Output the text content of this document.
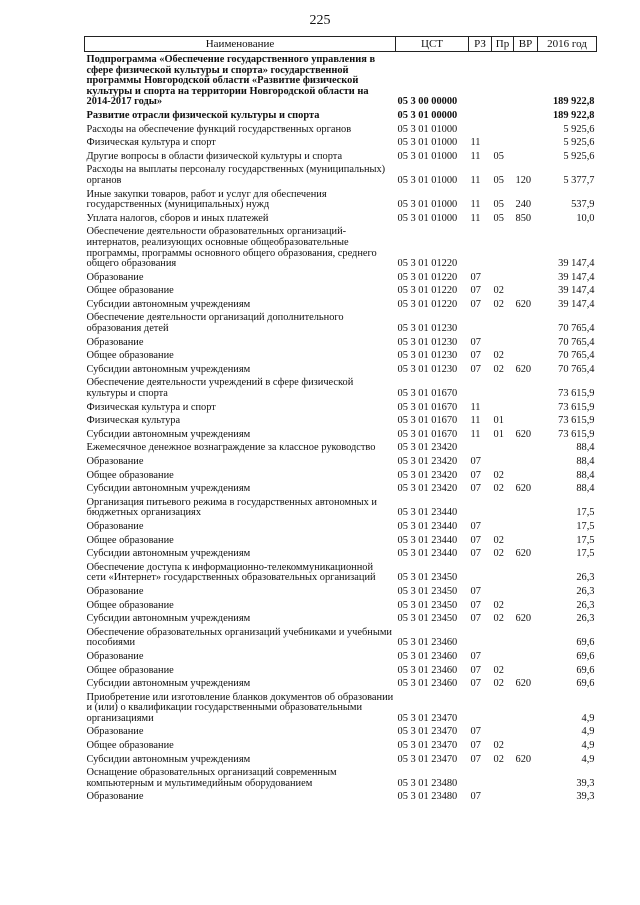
225
Наименование	ЦСТ	РЗ	Пр	ВР	2016 год
Подпрограмма «Обеспечение государственного управления в сфере физической культуры и спорта» государственной программы Новгородской области «Развитие физической культуры и спорта на территории Новгородской области на 2014-2017 годы»	05 3 00 00000				189 922,8
Развитие отрасли физической культуры и спорта	05 3 01 00000				189 922,8
Расходы на обеспечение функций государственных органов	05 3 01 01000				5 925,6
Физическая культура и спорт	05 3 01 01000	11			5 925,6
Другие вопросы в области физической культуры и спорта	05 3 01 01000	11	05		5 925,6
Расходы на выплаты персоналу государственных (муниципальных) органов	05 3 01 01000	11	05	120	5 377,7
Иные закупки товаров, работ и услуг для обеспечения государственных (муниципальных) нужд	05 3 01 01000	11	05	240	537,9
Уплата налогов, сборов и иных платежей	05 3 01 01000	11	05	850	10,0
Обеспечение деятельности образовательных организаций-интернатов, реализующих основные общеобразовательные программы, программы основного общего образования, среднего общего образования	05 3 01 01220				39 147,4
Образование	05 3 01 01220	07			39 147,4
Общее образование	05 3 01 01220	07	02		39 147,4
Субсидии автономным учреждениям	05 3 01 01220	07	02	620	39 147,4
Обеспечение деятельности организаций дополнительного образования детей	05 3 01 01230				70 765,4
Образование	05 3 01 01230	07			70 765,4
Общее образование	05 3 01 01230	07	02		70 765,4
Субсидии автономным учреждениям	05 3 01 01230	07	02	620	70 765,4
Обеспечение деятельности учреждений в сфере физической культуры и спорта	05 3 01 01670				73 615,9
Физическая культура и спорт	05 3 01 01670	11			73 615,9
Физическая культура	05 3 01 01670	11	01		73 615,9
Субсидии автономным учреждениям	05 3 01 01670	11	01	620	73 615,9
Ежемесячное денежное вознаграждение за классное руководство	05 3 01 23420				88,4
Образование	05 3 01 23420	07			88,4
Общее образование	05 3 01 23420	07	02		88,4
Субсидии автономным учреждениям	05 3 01 23420	07	02	620	88,4
Организация питьевого режима в государственных автономных и бюджетных организациях	05 3 01 23440				17,5
Образование	05 3 01 23440	07			17,5
Общее образование	05 3 01 23440	07	02		17,5
Субсидии автономным учреждениям	05 3 01 23440	07	02	620	17,5
Обеспечение доступа к информационно-телекоммуникационной сети «Интернет» государственных образовательных организаций	05 3 01 23450				26,3
Образование	05 3 01 23450	07			26,3
Общее образование	05 3 01 23450	07	02		26,3
Субсидии автономным учреждениям	05 3 01 23450	07	02	620	26,3
Обеспечение образовательных организаций учебниками и учебными пособиями	05 3 01 23460				69,6
Образование	05 3 01 23460	07			69,6
Общее образование	05 3 01 23460	07	02		69,6
Субсидии автономным учреждениям	05 3 01 23460	07	02	620	69,6
Приобретение или изготовление бланков документов об образовании и (или) о квалификации государственными образовательными организациями	05 3 01 23470				4,9
Образование	05 3 01 23470	07			4,9
Общее образование	05 3 01 23470	07	02		4,9
Субсидии автономным учреждениям	05 3 01 23470	07	02	620	4,9
Оснащение образовательных организаций современным компьютерным и мультимедийным оборудованием	05 3 01 23480				39,3
Образование	05 3 01 23480	07			39,3
